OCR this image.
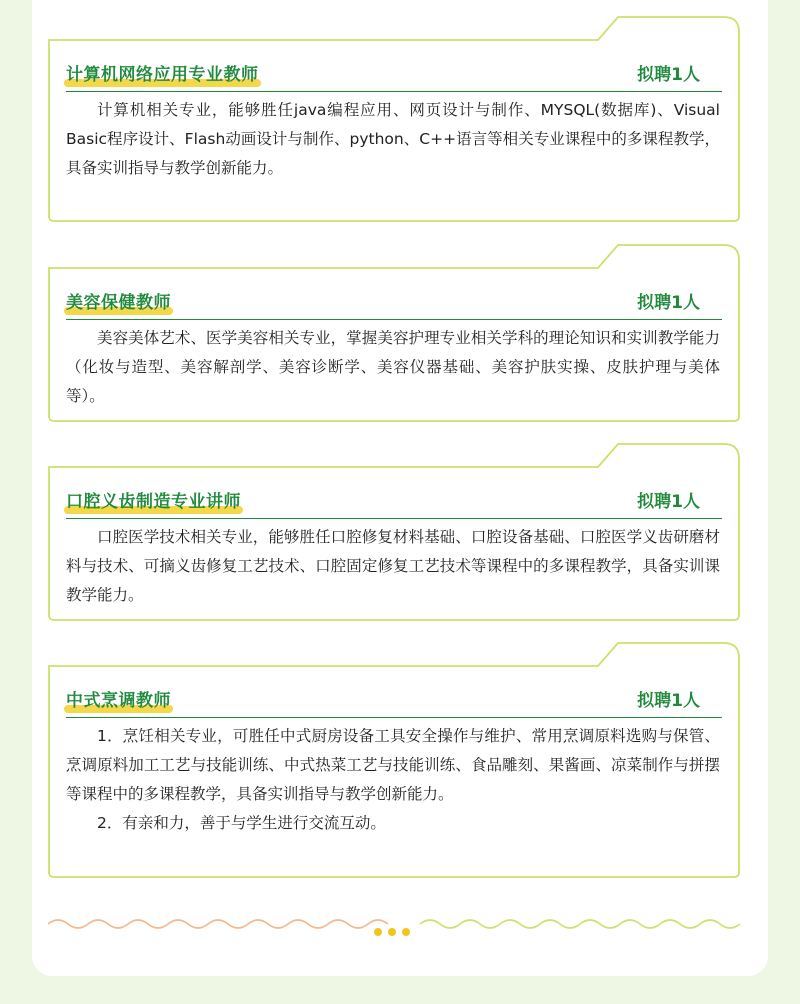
计算机网络应用专业教师	拟聘1人

计算机相关专业，能够胜任java编程应用、网页设计与制作、MYSQL(数据库)、Visual Basic程序设计、Flash动画设计与制作、python、C++语言等相关专业课程中的多课程教学，具备实训指导与教学创新能力。

美容保健教师	拟聘1人

美容美体艺术、医学美容相关专业，掌握美容护理专业相关学科的理论知识和实训教学能力（化妆与造型、美容解剖学、美容诊断学、美容仪器基础、美容护肤实操、皮肤护理与美体等）。

口腔义齿制造专业讲师	拟聘1人

口腔医学技术相关专业，能够胜任口腔修复材料基础、口腔设备基础、口腔医学义齿研磨材料与技术、可摘义齿修复工艺技术、口腔固定修复工艺技术等课程中的多课程教学，具备实训课教学能力。

中式烹调教师	拟聘1人

1．烹饪相关专业，可胜任中式厨房设备工具安全操作与维护、常用烹调原料选购与保管、烹调原料加工工艺与技能训练、中式热菜工艺与技能训练、食品雕刻、果酱画、凉菜制作与拼摆等课程中的多课程教学，具备实训指导与教学创新能力。

2．有亲和力，善于与学生进行交流互动。
